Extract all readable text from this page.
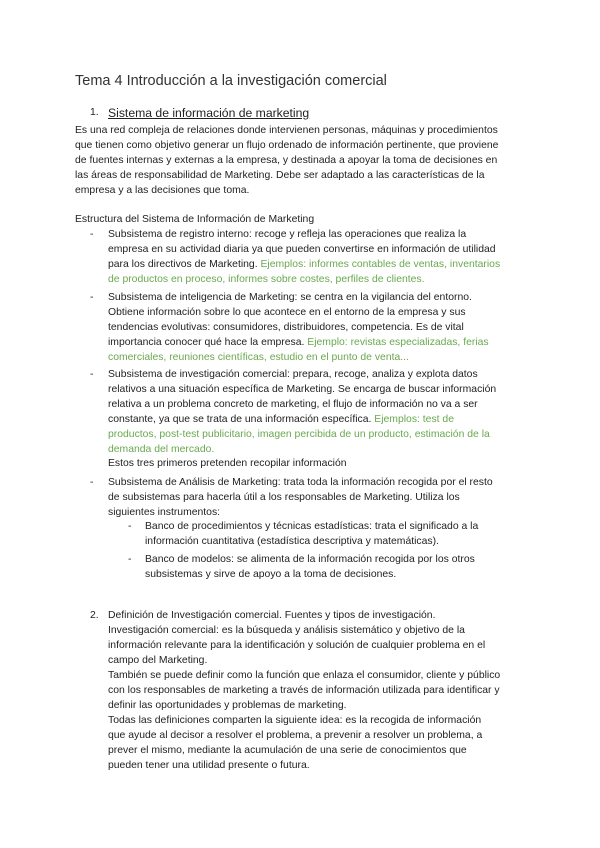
Tema 4 Introducción a la investigación comercial
1. Sistema de información de marketing
Es una red compleja de relaciones donde intervienen personas, máquinas y procedimientos
que tienen como objetivo generar un flujo ordenado de información pertinente, que proviene
de fuentes internas y externas a la empresa, y destinada a apoyar la toma de decisiones en
las áreas de responsabilidad de Marketing. Debe ser adaptado a las características de la
empresa y a las decisiones que toma.
Estructura del Sistema de Información de Marketing
- Subsistema de registro interno: recoge y refleja las operaciones que realiza la
empresa en su actividad diaria ya que pueden convertirse en información de utilidad
para los directivos de Marketing. Ejemplos: informes contables de ventas, inventarios
de productos en proceso, informes sobre costes, perfiles de clientes.
- Subsistema de inteligencia de Marketing: se centra en la vigilancia del entorno.
Obtiene información sobre lo que acontece en el entorno de la empresa y sus
tendencias evolutivas: consumidores, distribuidores, competencia. Es de vital
importancia conocer qué hace la empresa. Ejemplo: revistas especializadas, ferias
comerciales, reuniones científicas, estudio en el punto de venta...
- Subsistema de investigación comercial: prepara, recoge, analiza y explota datos
relativos a una situación específica de Marketing. Se encarga de buscar información
relativa a un problema concreto de marketing, el flujo de información no va a ser
constante, ya que se trata de una información específica. Ejemplos: test de
productos, post-test publicitario, imagen percibida de un producto, estimación de la
demanda del mercado.
Estos tres primeros pretenden recopilar información
- Subsistema de Análisis de Marketing: trata toda la información recogida por el resto
de subsistemas para hacerla útil a los responsables de Marketing. Utiliza los
siguientes instrumentos:
- Banco de procedimientos y técnicas estadísticas: trata el significado a la
información cuantitativa (estadística descriptiva y matemáticas).
- Banco de modelos: se alimenta de la información recogida por los otros
subsistemas y sirve de apoyo a la toma de decisiones.
2. Definición de Investigación comercial. Fuentes y tipos de investigación.
Investigación comercial: es la búsqueda y análisis sistemático y objetivo de la
información relevante para la identificación y solución de cualquier problema en el
campo del Marketing.
También se puede definir como la función que enlaza el consumidor, cliente y público
con los responsables de marketing a través de información utilizada para identificar y
definir las oportunidades y problemas de marketing.
Todas las definiciones comparten la siguiente idea: es la recogida de información
que ayude al decisor a resolver el problema, a prevenir a resolver un problema, a
prever el mismo, mediante la acumulación de una serie de conocimientos que
pueden tener una utilidad presente o futura.
